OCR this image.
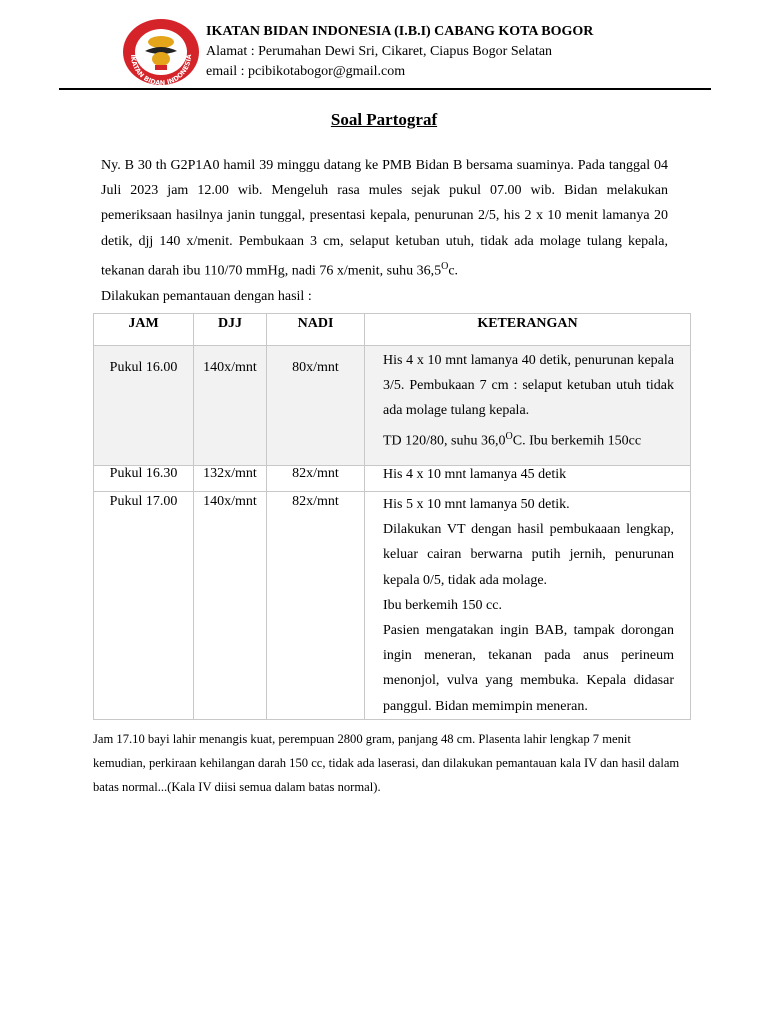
IKATAN BIDAN INDONESIA
IKATAN BIDAN INDONESIA (I.B.I) CABANG KOTA BOGOR
Alamat : Perumahan Dewi Sri, Cikaret, Ciapus Bogor Selatan
email : pcibikotabogor@gmail.com
Soal Partograf
Ny. B 30 th G2P1A0 hamil 39 minggu datang ke PMB Bidan B bersama suaminya. Pada tanggal 04 Juli 2023 jam 12.00 wib. Mengeluh rasa mules sejak pukul 07.00 wib. Bidan melakukan pemeriksaan hasilnya janin tunggal, presentasi kepala, penurunan 2/5, his 2 x 10 menit lamanya 20 detik, djj 140 x/menit. Pembukaan 3 cm, selaput ketuban utuh, tidak ada molage tulang kepala, tekanan darah ibu 110/70 mmHg, nadi 76 x/menit, suhu $36,5^Oc$.
Dilakukan pemantauan dengan hasil :
JAM	DJJ	NADI	KETERANGAN
Pukul 16.00	140x/mnt	80x/mnt	His 4 x 10 mnt lamanya 40 detik, penurunan kepala 3/5. Pembukaan 7 cm : selaput ketuban utuh tidak ada molage tulang kepala.

TD 120/80, suhu $36,0^OC$. Ibu berkemih 150cc

Pukul 16.30	132x/mnt	82x/mnt	His 4 x 10 mnt lamanya 45 detik
Pukul 17.00	140x/mnt	82x/mnt	His 5 x 10 mnt lamanya 50 detik.

Dilakukan VT dengan hasil pembukaaan lengkap, keluar cairan berwarna putih jernih, penurunan kepala 0/5, tidak ada molage.

Ibu berkemih 150 cc.

Pasien mengatakan ingin BAB, tampak dorongan ingin meneran, tekanan pada anus perineum menonjol, vulva yang membuka. Kepala didasar panggul. Bidan memimpin meneran.

Jam 17.10 bayi lahir menangis kuat, perempuan 2800 gram, panjang 48 cm. Plasenta lahir lengkap 7 menit kemudian, perkiraan kehilangan darah 150 cc, tidak ada laserasi, dan dilakukan pemantauan kala IV dan hasil dalam batas normal...(Kala IV diisi semua dalam batas normal).
